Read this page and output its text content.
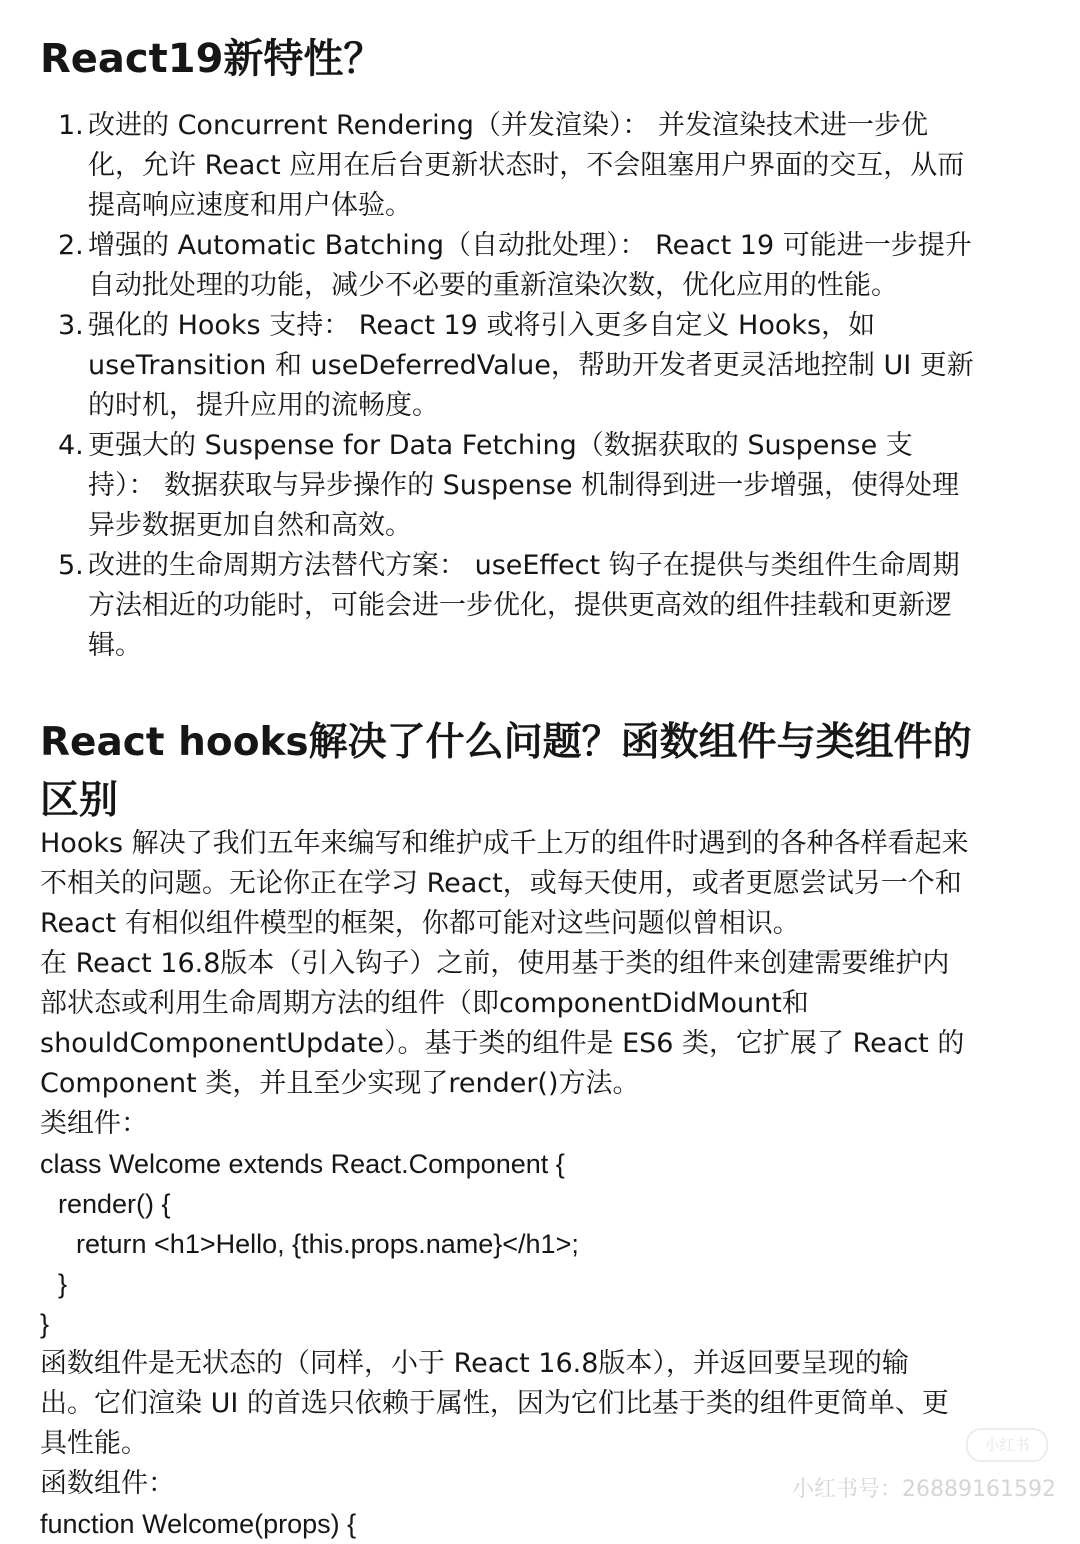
React19新特性？
1. 改进的 Concurrent Rendering（并发渲染）： 并发渲染技术进一步优
化，允许 React 应用在后台更新状态时，不会阻塞用户界面的交互，从而
提高响应速度和用户体验。
2. 增强的 Automatic Batching（自动批处理）： React 19 可能进一步提升
自动批处理的功能，减少不必要的重新渲染次数，优化应用的性能。
3. 强化的 Hooks 支持： React 19 或将引入更多自定义 Hooks，如
useTransition 和 useDeferredValue，帮助开发者更灵活地控制 UI 更新
的时机，提升应用的流畅度。
4. 更强大的 Suspense for Data Fetching（数据获取的 Suspense 支
持）： 数据获取与异步操作的 Suspense 机制得到进一步增强，使得处理
异步数据更加自然和高效。
5. 改进的生命周期方法替代方案： useEffect 钩子在提供与类组件生命周期
方法相近的功能时，可能会进一步优化，提供更高效的组件挂载和更新逻
辑。
React hooks解决了什么问题？函数组件与类组件的
区别
Hooks 解决了我们五年来编写和维护成千上万的组件时遇到的各种各样看起来
不相关的问题。无论你正在学习 React，或每天使用，或者更愿尝试另一个和
React 有相似组件模型的框架，你都可能对这些问题似曾相识。
在 React 16.8版本（引入钩子）之前，使用基于类的组件来创建需要维护内
部状态或利用生命周期方法的组件（即componentDidMount和
shouldComponentUpdate）。基于类的组件是 ES6 类，它扩展了 React 的
Component 类，并且至少实现了render()方法。
类组件：
class Welcome extends React.Component {
render() {
return <h1>Hello, {this.props.name}</h1>;
}
}
函数组件是无状态的（同样，小于 React 16.8版本），并返回要呈现的输
出。它们渲染 UI 的首选只依赖于属性，因为它们比基于类的组件更简单、更
具性能。
函数组件：
function Welcome(props) {
小红书
小红书号：26889161592
